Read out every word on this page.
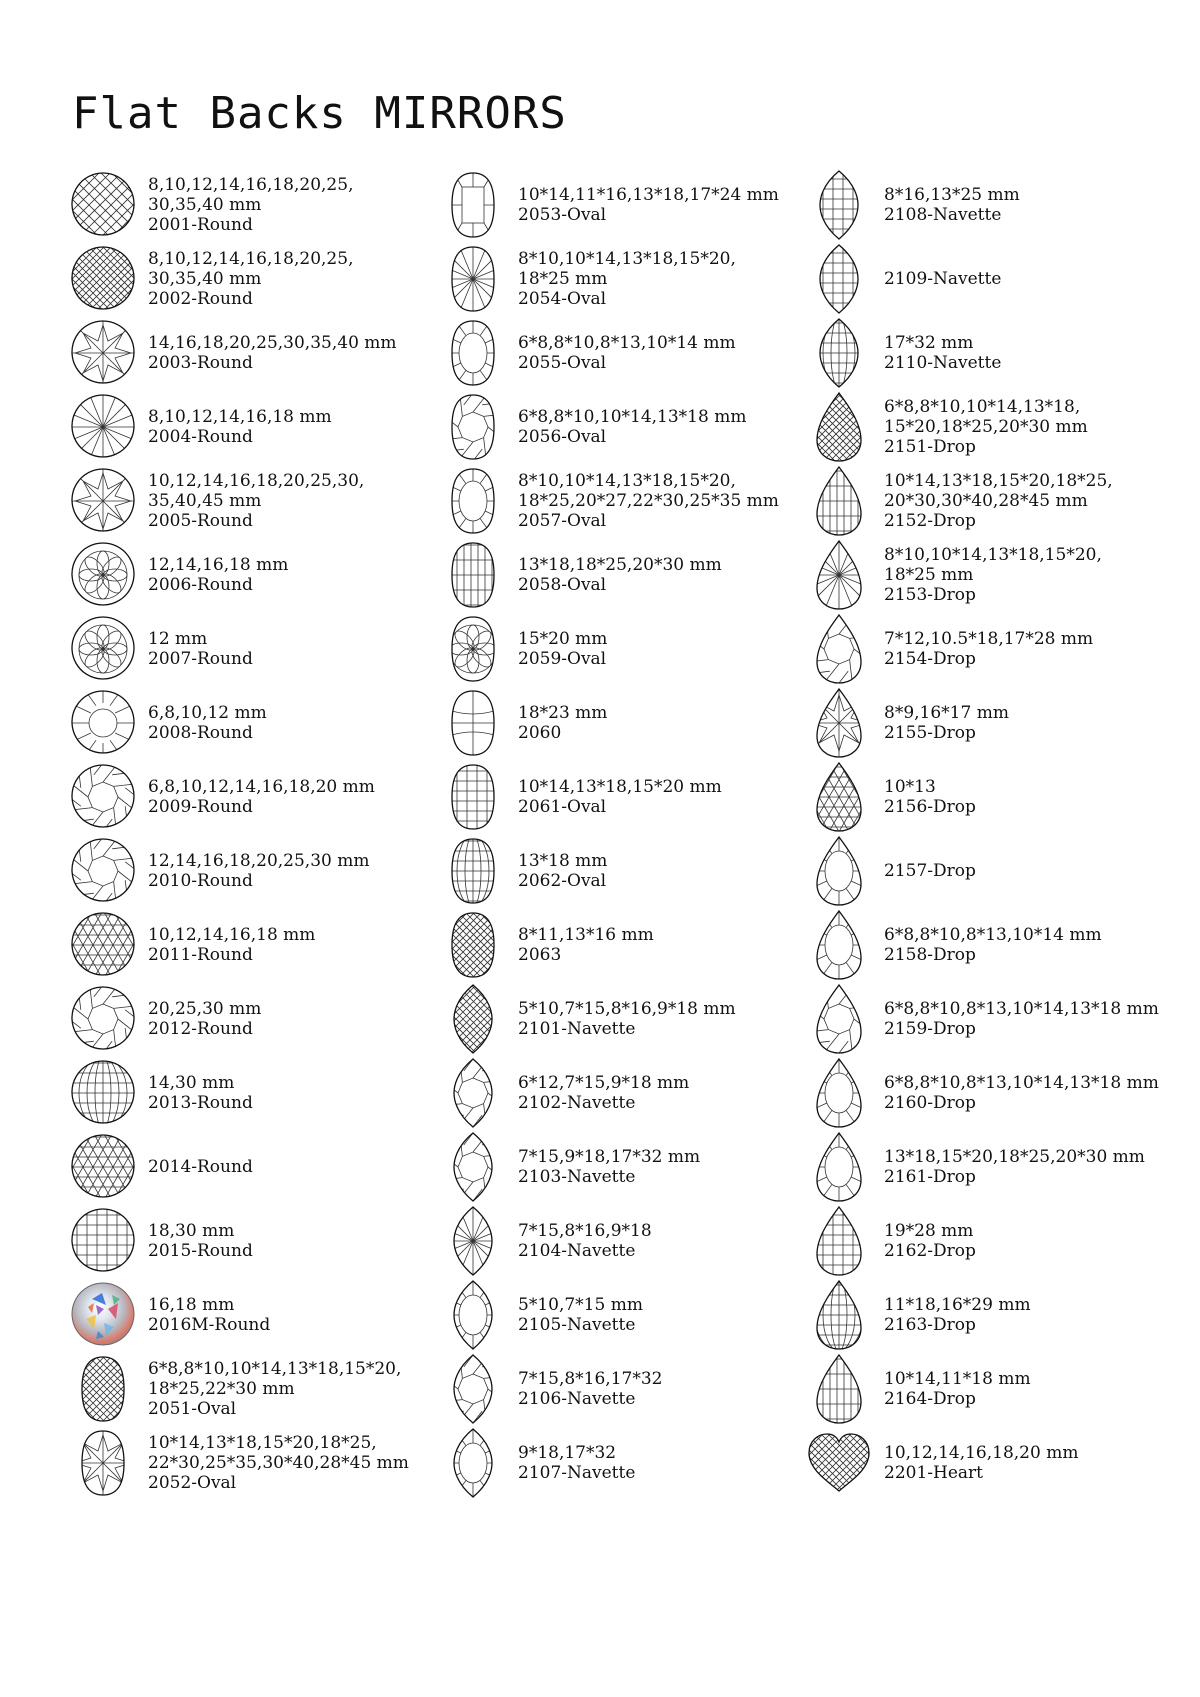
Flat Backs MIRRORS
8,10,12,14,16,18,20,25,
30,35,40 mm
2001-Round
8,10,12,14,16,18,20,25,
30,35,40 mm
2002-Round
14,16,18,20,25,30,35,40 mm
2003-Round
8,10,12,14,16,18 mm
2004-Round
10,12,14,16,18,20,25,30,
35,40,45 mm
2005-Round
12,14,16,18 mm
2006-Round
12 mm
2007-Round
6,8,10,12 mm
2008-Round
6,8,10,12,14,16,18,20 mm
2009-Round
12,14,16,18,20,25,30 mm
2010-Round
10,12,14,16,18 mm
2011-Round
20,25,30 mm
2012-Round
14,30 mm
2013-Round
2014-Round
18,30 mm
2015-Round
16,18 mm
2016M-Round
6*8,8*10,10*14,13*18,15*20,
18*25,22*30 mm
2051-Oval
10*14,13*18,15*20,18*25,
22*30,25*35,30*40,28*45 mm
2052-Oval
10*14,11*16,13*18,17*24 mm
2053-Oval
8*10,10*14,13*18,15*20,
18*25 mm
2054-Oval
6*8,8*10,8*13,10*14 mm
2055-Oval
6*8,8*10,10*14,13*18 mm
2056-Oval
8*10,10*14,13*18,15*20,
18*25,20*27,22*30,25*35 mm
2057-Oval
13*18,18*25,20*30 mm
2058-Oval
15*20 mm
2059-Oval
18*23 mm
2060
10*14,13*18,15*20 mm
2061-Oval
13*18 mm
2062-Oval
8*11,13*16 mm
2063
5*10,7*15,8*16,9*18 mm
2101-Navette
6*12,7*15,9*18 mm
2102-Navette
7*15,9*18,17*32 mm
2103-Navette
7*15,8*16,9*18
2104-Navette
5*10,7*15 mm
2105-Navette
7*15,8*16,17*32
2106-Navette
9*18,17*32
2107-Navette
8*16,13*25 mm
2108-Navette
2109-Navette
17*32 mm
2110-Navette
6*8,8*10,10*14,13*18,
15*20,18*25,20*30 mm
2151-Drop
10*14,13*18,15*20,18*25,
20*30,30*40,28*45 mm
2152-Drop
8*10,10*14,13*18,15*20,
18*25 mm
2153-Drop
7*12,10.5*18,17*28 mm
2154-Drop
8*9,16*17 mm
2155-Drop
10*13
2156-Drop
2157-Drop
6*8,8*10,8*13,10*14 mm
2158-Drop
6*8,8*10,8*13,10*14,13*18 mm
2159-Drop
6*8,8*10,8*13,10*14,13*18 mm
2160-Drop
13*18,15*20,18*25,20*30 mm
2161-Drop
19*28 mm
2162-Drop
11*18,16*29 mm
2163-Drop
10*14,11*18 mm
2164-Drop
10,12,14,16,18,20 mm
2201-Heart
